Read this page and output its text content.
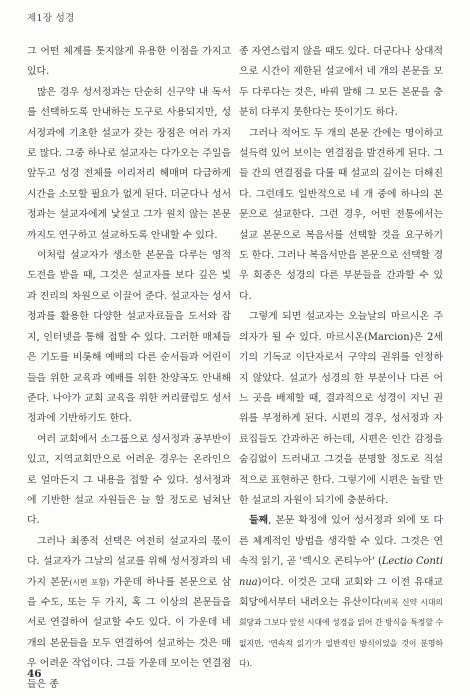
제1장 성경

그 어떤 체계를 톳지않게 유용한 이점을 가지고 있다.

많은 경우 성서정과는 단순히 신구약 내 독서를 선택하도록 안내하는 도구로 사용되지만, 성서정과에 기초한 설교가 갖는 장점은 여러 가지로 많다. 그중 하나로 설교자는 다가오는 주일을 앞두고 성경 전체를 이리저리 헤매며 다급하게 시간을 소모할 필요가 없게 된다. 더군다나 성서정과는 설교자에게 낯설고 그가 원치 않는 본문까지도 연구하고 설교하도록 안내할 수 있다.

이처럼 설교자가 생소한 본문을 다루는 영적 도전을 받을 때, 그것은 설교자를 보다 깊은 빛과 진리의 차원으로 이끌어 준다. 설교자는 성서정과를 활용한 다양한 설교자료들을 도서와 잡지, 인터넷을 통해 접할 수 있다. 그러한 매체들은 기도를 비롯해 예배의 다른 순서들과 어린이들을 위한 교육과 예배를 위한 찬양곡도 안내해준다. 나아가 교회 교육을 위한 커리큘럼도 성서정과에 기반하기도 한다.

여러 교회에서 소그룹으로 성서정과 공부반이 있고, 지역교회만으로 어려운 경우는 온라인으로 얼마든지 그 내용을 접할 수 있다. 성서정과에 기반한 설교 자원들은 늘 할 정도로 넘쳐난다.

그러나 최종적 선택은 여전히 설교자의 몫이다. 설교자가 그날의 설교를 위해 성서정과의 네 가지 본문(시편 포함) 가운데 하나를 본문으로 삼을 수도, 또는 두 가지, 혹 그 이상의 본문들을 서로 연결하여 설교할 수도 있다. 이 가운데 네 개의 본문들을 모두 연결하여 설교하는 것은 매우 어려운 작업이다. 그들 가운데 모이는 연결점들은 종

종 자연스럽지 않을 때도 있다. 더군다나 상대적으로 시간이 제한된 설교에서 네 개의 본문을 모두 다루다는 것은, 바꿔 말해 그 모든 본문을 충분히 다루지 못한다는 뜻이기도 하다.

그러나 적어도 두 개의 본문 간에는 명이하고 설득력 있어 보이는 연결점을 발견하게 된다. 그들 간의 연결점을 다룰 때 설교의 깊이는 더해진다. 그런데도 일반적으로 네 개 중에 하나의 본문으로 설교한다. 그런 경우, 어떤 전통에서는 설교 본문으로 복음서를 선택할 것을 요구하기도 한다. 그러나 복음서만을 본문으로 선택할 경우 회중은 성경의 다른 부분들을 간과할 수 있다.

그렇게 되면 설교자는 오늘날의 마르시온 주의자가 될 수 있다. 마르시온(Marcion)은 2세기의 기독교 이단자로서 구약의 권위를 인정하지 않았다. 설교가 성경의 한 부분이나 다른 어느 곳을 배제할 때, 결과적으로 성경이 지닌 권위를 부정하게 된다. 시편의 경우, 성서정과 자료집들도 간과하곤 하는데, 시편은 인간 감정을 숨김없이 드러내고 그것을 분명할 정도로 직설적으로 표현하곤 한다. 그렇기에 시편은 놀랄 만한 설교의 자원이 되기에 충분하다.

둘째, 본문 확정에 있어 성서정과 외에 또 다른 체계적인 방법을 생각할 수 있다. 그것은 연속적 읽기, 곧 '렉시오 콘티누아' (Lectio Continua)이다. 이것은 고대 교회와 그 이전 유대교 회당에서부터 내려오는 유산이다(비록 신약 시대의 회당과 그보다 앞선 시대에 성경을 읽어 간 방식을 특정할 수 없지만, '연속적 읽기'가 일반적인 방식이었을 것이 분명하다).

46
